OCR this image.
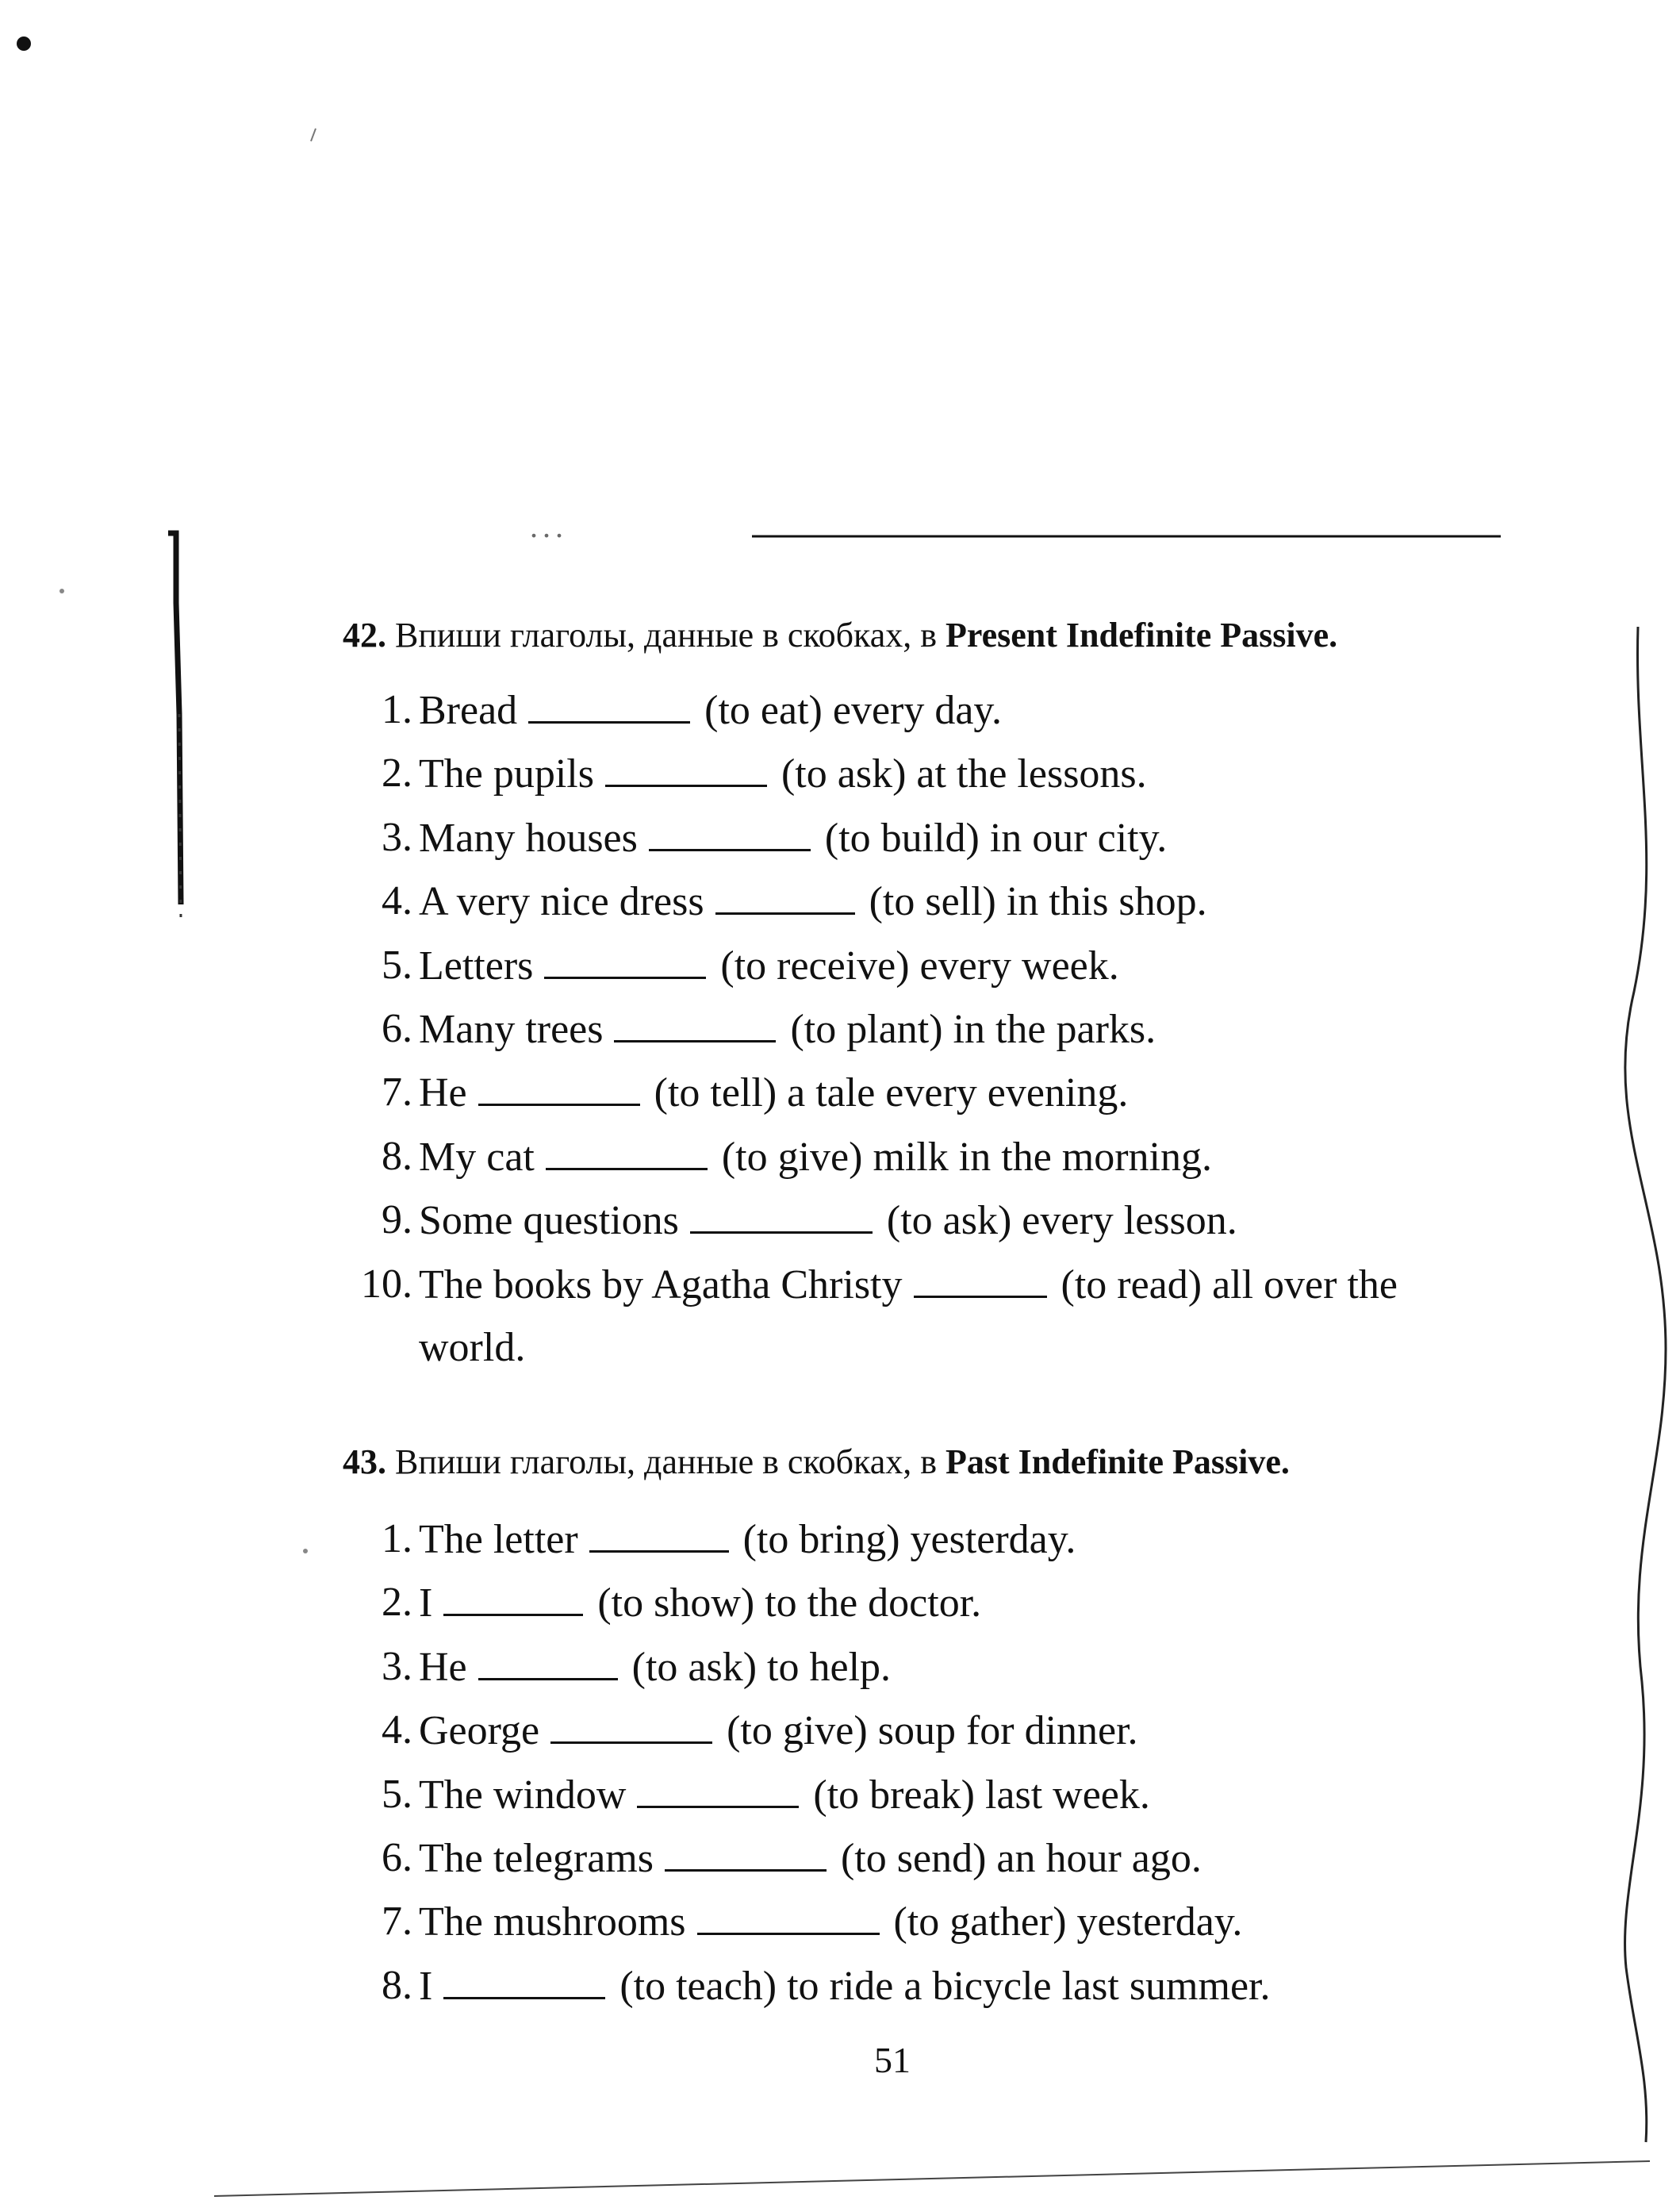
...
42. Впиши глаголы, данные в скобках, в Present Indefinite Passive.
1. Bread	(to eat) every day.
2. The pupils	(to ask) at the lessons.
3. Many houses	(to build) in our city.
4. A very nice dress	(to sell) in this shop.
5. Letters	(to receive) every week.
6. Many trees	(to plant) in the parks.
7. He	(to tell) a tale every evening.
8. My cat	(to give) milk in the morning.
9. Some questions	(to ask) every lesson.
10. The books by Agatha Christy	(to read) all over the
world.
43. Впиши глаголы, данные в скобках, в Past Indefinite Passive.
1. The letter	(to bring) yesterday.
2. I	(to show) to the doctor.
3. He	(to ask) to help.
4. George	(to give) soup for dinner.
5. The window	(to break) last week.
6. The telegrams	(to send) an hour ago.
7. The mushrooms	(to gather) yesterday.
8. I	(to teach) to ride a bicycle last summer.
51
